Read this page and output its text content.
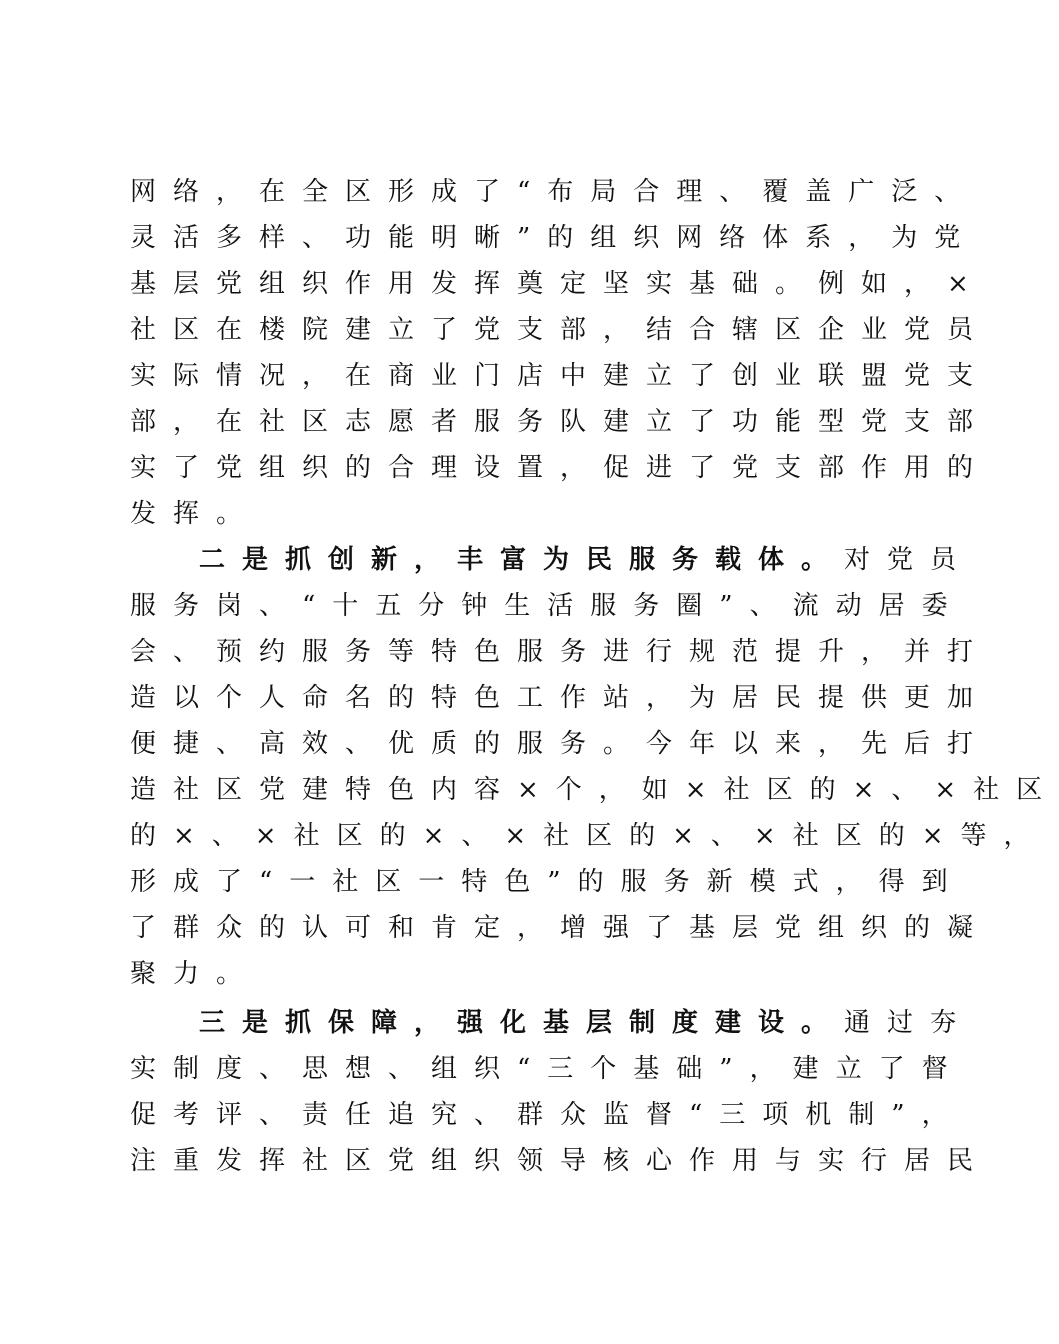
网络，在全区形成了“布局合理、覆盖广泛、
灵活多样、功能明晰”的组织网络体系，为党
基层党组织作用发挥奠定坚实基础。例如，×
社区在楼院建立了党支部，结合辖区企业党员
实际情况，在商业门店中建立了创业联盟党支
部，在社区志愿者服务队建立了功能型党支部
实了党组织的合理设置，促进了党支部作用的
发挥。
二是抓创新，丰富为民服务载体。对党员
服务岗、“十五分钟生活服务圈”、流动居委
会、预约服务等特色服务进行规范提升，并打
造以个人命名的特色工作站，为居民提供更加
便捷、高效、优质的服务。今年以来，先后打
造社区党建特色内容×个，如×社区的×、×社区
的×、×社区的×、×社区的×、×社区的×等，
形成了“一社区一特色”的服务新模式，得到
了群众的认可和肯定，增强了基层党组织的凝
聚力。
三是抓保障，强化基层制度建设。通过夯
实制度、思想、组织“三个基础”，建立了督
促考评、责任追究、群众监督“三项机制”，
注重发挥社区党组织领导核心作用与实行居民
